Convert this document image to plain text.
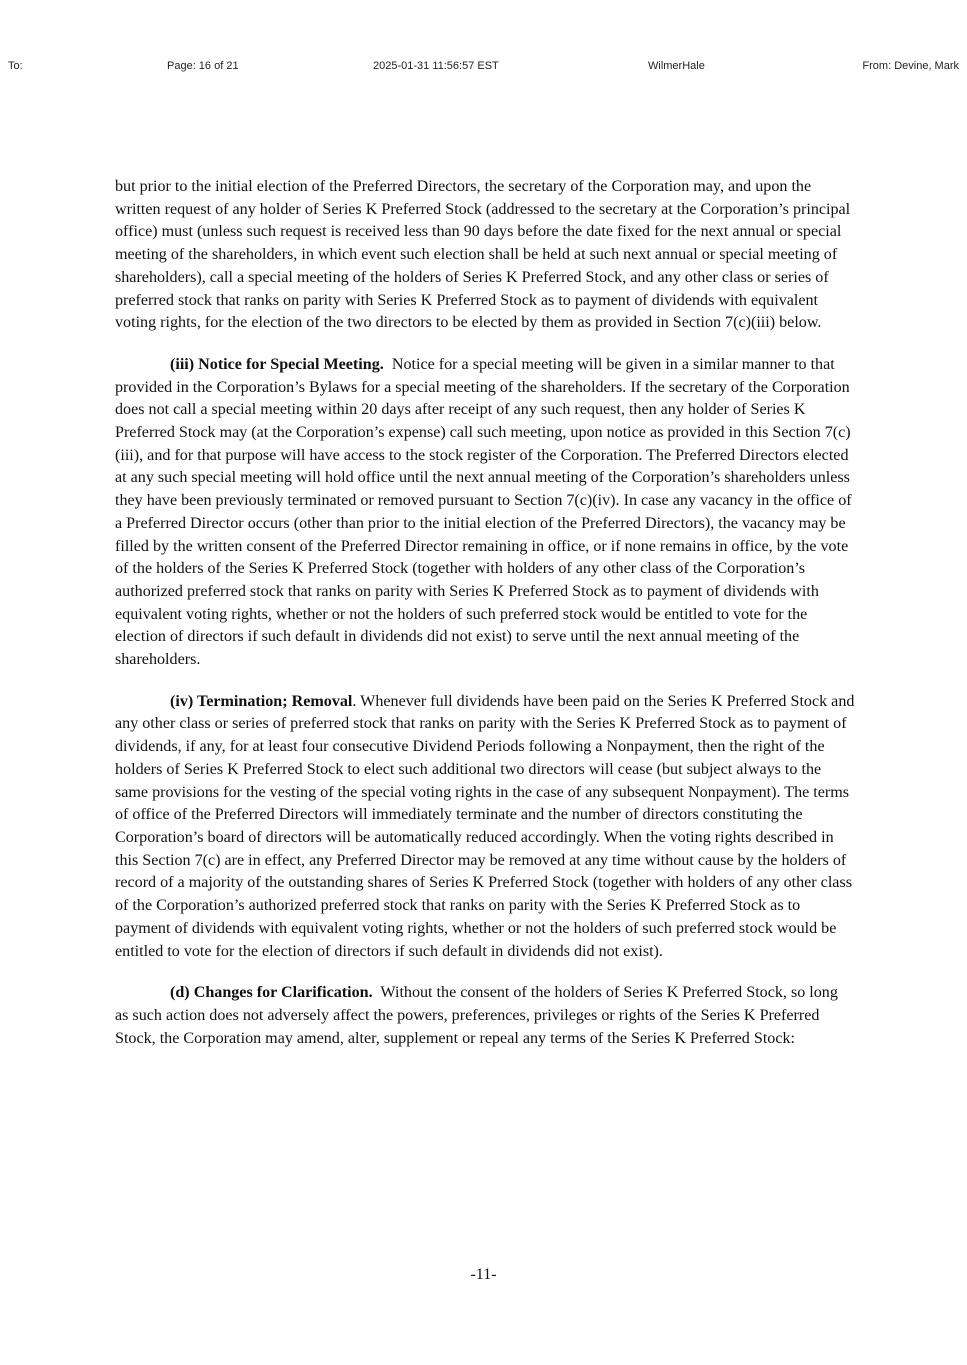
To:	Page: 16 of 21	2025-01-31 11:56:57 EST	WilmerHale	From: Devine, Mark

but prior to the initial election of the Preferred Directors, the secretary of the Corporation may, and upon the written request of any holder of Series K Preferred Stock (addressed to the secretary at the Corporation’s principal office) must (unless such request is received less than 90 days before the date fixed for the next annual or special meeting of the shareholders, in which event such election shall be held at such next annual or special meeting of shareholders), call a special meeting of the holders of Series K Preferred Stock, and any other class or series of preferred stock that ranks on parity with Series K Preferred Stock as to payment of dividends with equivalent voting rights, for the election of the two directors to be elected by them as provided in Section 7(c)(iii) below.

(iii) Notice for Special Meeting. Notice for a special meeting will be given in a similar manner to that provided in the Corporation’s Bylaws for a special meeting of the shareholders. If the secretary of the Corporation does not call a special meeting within 20 days after receipt of any such request, then any holder of Series K Preferred Stock may (at the Corporation’s expense) call such meeting, upon notice as provided in this Section 7(c)(iii), and for that purpose will have access to the stock register of the Corporation. The Preferred Directors elected at any such special meeting will hold office until the next annual meeting of the Corporation’s shareholders unless they have been previously terminated or removed pursuant to Section 7(c)(iv). In case any vacancy in the office of a Preferred Director occurs (other than prior to the initial election of the Preferred Directors), the vacancy may be filled by the written consent of the Preferred Director remaining in office, or if none remains in office, by the vote of the holders of the Series K Preferred Stock (together with holders of any other class of the Corporation’s authorized preferred stock that ranks on parity with Series K Preferred Stock as to payment of dividends with equivalent voting rights, whether or not the holders of such preferred stock would be entitled to vote for the election of directors if such default in dividends did not exist) to serve until the next annual meeting of the shareholders.

(iv) Termination; Removal. Whenever full dividends have been paid on the Series K Preferred Stock and any other class or series of preferred stock that ranks on parity with the Series K Preferred Stock as to payment of dividends, if any, for at least four consecutive Dividend Periods following a Nonpayment, then the right of the holders of Series K Preferred Stock to elect such additional two directors will cease (but subject always to the same provisions for the vesting of the special voting rights in the case of any subsequent Nonpayment). The terms of office of the Preferred Directors will immediately terminate and the number of directors constituting the Corporation’s board of directors will be automatically reduced accordingly. When the voting rights described in this Section 7(c) are in effect, any Preferred Director may be removed at any time without cause by the holders of record of a majority of the outstanding shares of Series K Preferred Stock (together with holders of any other class of the Corporation’s authorized preferred stock that ranks on parity with the Series K Preferred Stock as to payment of dividends with equivalent voting rights, whether or not the holders of such preferred stock would be entitled to vote for the election of directors if such default in dividends did not exist).

(d) Changes for Clarification. Without the consent of the holders of Series K Preferred Stock, so long as such action does not adversely affect the powers, preferences, privileges or rights of the Series K Preferred Stock, the Corporation may amend, alter, supplement or repeal any terms of the Series K Preferred Stock:

-11-
